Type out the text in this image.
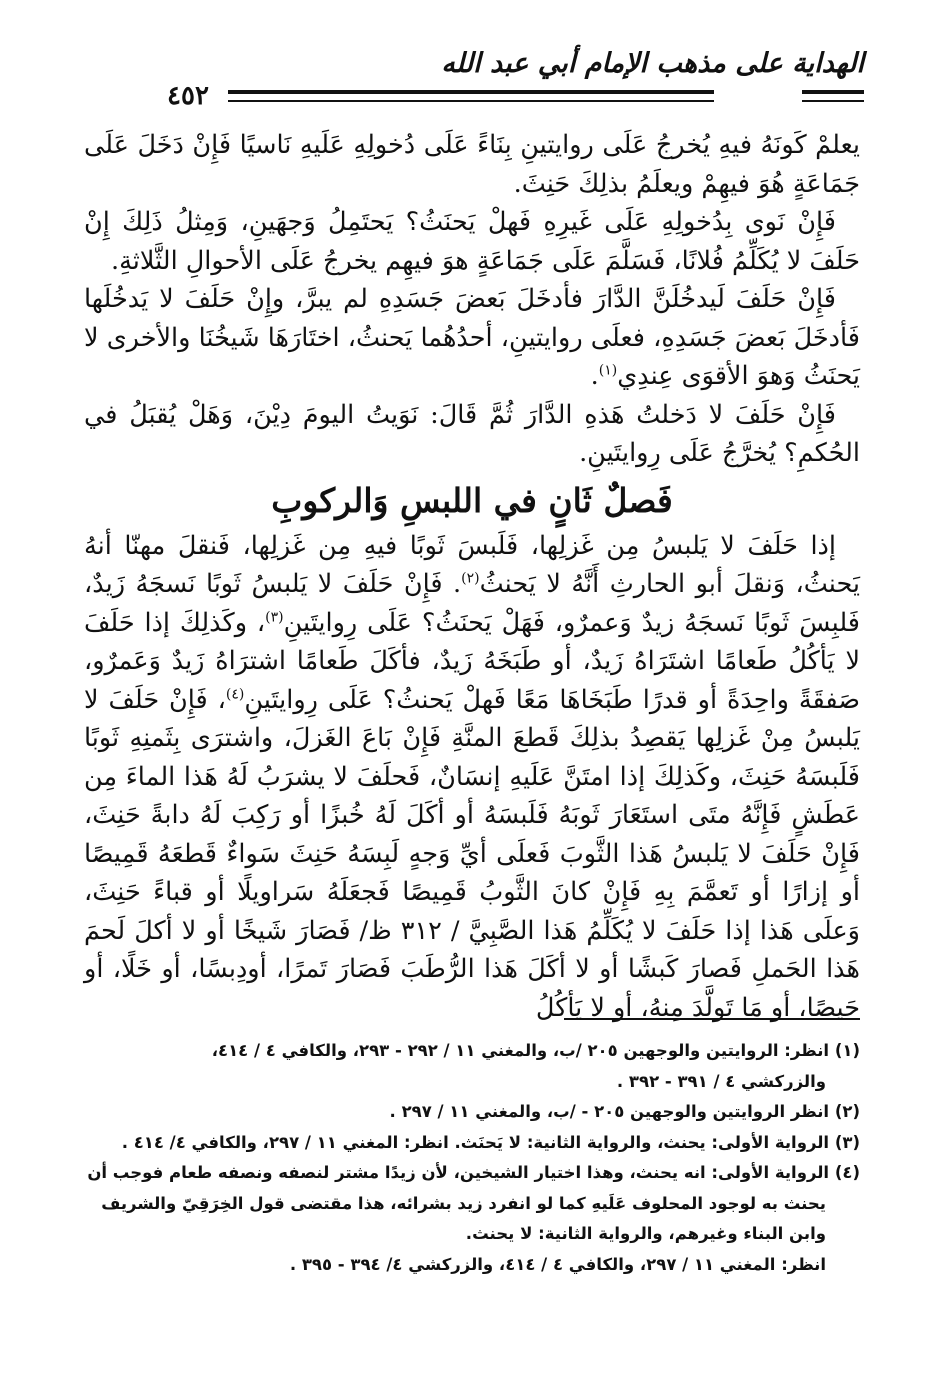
الهداية على مذهب الإمام أبي عبد الله
٤٥٢

يعلمْ كَونَهُ فيهِ يُخرجُ عَلَى روايتينِ بِنَاءً عَلَى دُخولِهِ عَلَيهِ نَاسيًا فَإِنْ دَخَلَ عَلَى جَمَاعَةٍ هُوَ فيهِمْ ويعلَمُ بذلِكَ حَنِثَ.

فَإِنْ نَوى بِدُخولِهِ عَلَى غَيرِهِ فَهلْ يَحنَثُ؟ يَحتَمِلُ وَجهَينِ، وَمِثلُ ذَلِكَ إِنْ حَلَفَ لا يُكَلِّمُ فُلانًا، فَسَلَّمَ عَلَى جَمَاعَةٍ هوَ فيهِم يخرجُ عَلَى الأحوالِ الثَّلاثةِ.

فَإِنْ حَلَفَ لَيدخُلَنَّ الدَّارَ فأدخَلَ بَعضَ جَسَدِهِ لم يبرَّ، وإِنْ حَلَفَ لا يَدخُلَها فَأدخَلَ بَعضَ جَسَدِهِ، فعلَى روايتينِ، أحدُهُما يَحنثُ، اختَارَهَا شَيخُنَا والأخرى لا يَحنَثُ وَهوَ الأقوَى عِندِي$^{(١)}$.

فَإِنْ حَلَفَ لا دَخلتُ هَذهِ الدَّارَ ثُمَّ قَالَ: نَوَيتُ اليومَ دِيْنَ، وَهَلْ يُقبَلُ في الحُكمِ؟ يُخرَّجُ عَلَى رِوايتَينِ.

فَصلٌ ثَانٍ في اللبسِ وَالركوبِ

إذا حَلَفَ لا يَلبسُ مِن غَزلِها، فَلَبسَ ثَوبًا فيهِ مِن غَزلِها، فَنقلَ مهنّا أنهُ يَحنثُ، وَنقلَ أبو الحارثِ أَنَّهُ لا يَحنثُ$^{(٢)}$. فَإِنْ حَلَفَ لا يَلبسُ ثَوبًا نَسجَهُ زَيدٌ، فَلبِسَ ثَوبًا نَسجَهُ زيدٌ وَعمرٌو، فَهَلْ يَحنَثُ؟ عَلَى رِوايتَينِ$^{(٣)}$، وكَذلِكَ إذا حَلَفَ لا يَأكُلُ طَعامًا اشتَرَاهُ زَيدٌ، أو طَبَخَهُ زَيدٌ، فأكَلَ طَعامًا اشترَاهُ زَيدٌ وَعَمرٌو، صَفقَةً واحِدَةً أو قدرًا طَبَخَاهَا مَعًا فَهلْ يَحنثُ؟ عَلَى رِوايتَينِ$^{(٤)}$، فَإِنْ حَلَفَ لا يَلبسُ مِنْ غَزلِها يَقصِدُ بذلِكَ قَطعَ المنَّةِ فَإِنْ بَاعَ الغَزلَ، واشترَى بِثَمنِهِ ثَوبًا فَلَبسَهُ حَنِثَ، وكَذلِكَ إذا امتَنَّ عَلَيهِ إنسَانٌ، فَحلَفَ لا يشرَبُ لَهُ هَذا الماءَ مِن عَطَشٍ فَإِنَّهُ متَى استَعَارَ ثَوبَهُ فَلَبسَهُ أو أكَلَ لَهُ خُبزًا أو رَكِبَ لَهُ دابةً حَنِثَ، فَإِنْ حَلَفَ لا يَلبسُ هَذا الثَّوبَ فَعلَى أيِّ وَجهٍ لَبِسَهُ حَنِثَ سَواءٌ قَطعَهُ قَمِيصًا أو إزارًا أو تَعمَّمَ بِهِ فَإِنْ كانَ الثَّوبُ قَمِيصًا فَجعَلَهُ سَراويلًا أو قباءً حَنِثَ، وَعلَى هَذا إذا حَلَفَ لا يُكَلِّمُ هَذا الصَّبِيَّ / ٣١٢ ظ/ فَصَارَ شَيخًا أو لا أكلَ لَحمَ هَذا الحَملِ فَصارَ كَبشًا أو لا أكَلَ هَذا الرُّطَبَ فَصَارَ تَمرًا، أودِبسًا، أو خَلًا، أو حَيصًا، أو مَا تَولَّدَ مِنهُ، أو لا يَأكُلُ

(١) انظر: الروايتين والوجهين ٢٠٥ /ب، والمغني ١١ / ٢٩٢ - ٢٩٣، والكافي ٤ / ٤١٤،

والزركشي ٤ / ٣٩١ - ٣٩٢ .

(٢) انظر الروايتين والوجهين ٢٠٥ - /ب، والمغني ١١ / ٢٩٧ .

(٣) الرواية الأولى: يحنث، والرواية الثانية: لا يَحنَث. انظر: المغني ١١ / ٢٩٧، والكافي ٤/ ٤١٤ .

(٤) الرواية الأولى: انه يحنث، وهذا اختيار الشيخين، لأن زيدًا مشتر لنصفه ونصفه طعام فوجب أن

يحنث به لوجود المحلوف عَلَيهِ كما لو انفرد زيد بشرائه، هذا مقتضى قول الخِرَقِيّ والشريف

وابن البناء وغيرهم، والرواية الثانية: لا يحنث.

انظر: المغني ١١ / ٢٩٧، والكافي ٤ / ٤١٤، والزركشي ٤/ ٣٩٤ - ٣٩٥ .
